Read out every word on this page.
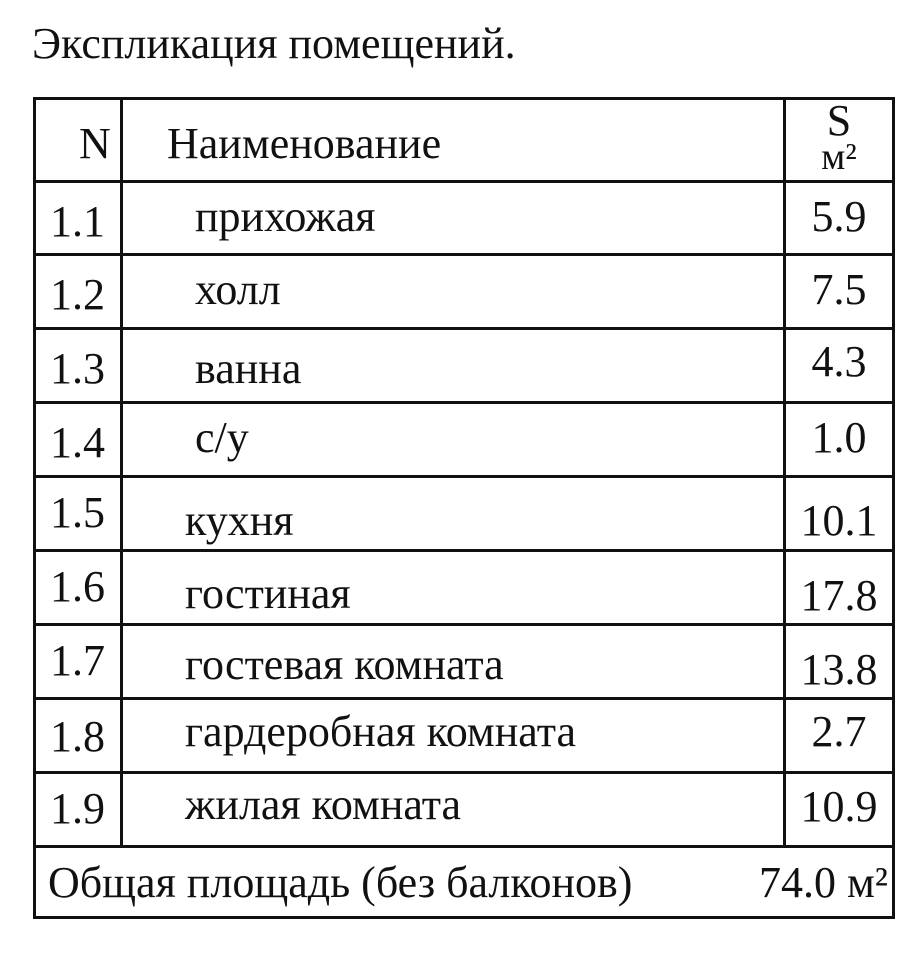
Экспликация помещений.
N Наименование	S
м²
1.1 прихожая	5.9
1.2 холл	7.5
1.3 ванна	4.3
1.4 с/у	1.0
1.5 кухня	10.1
1.6 гостиная	17.8
1.7 гостевая комната	13.8
1.8 гардеробная комната	2.7
1.9 жилая комната	10.9
Общая площадь (без балконов)	74.0 м²
